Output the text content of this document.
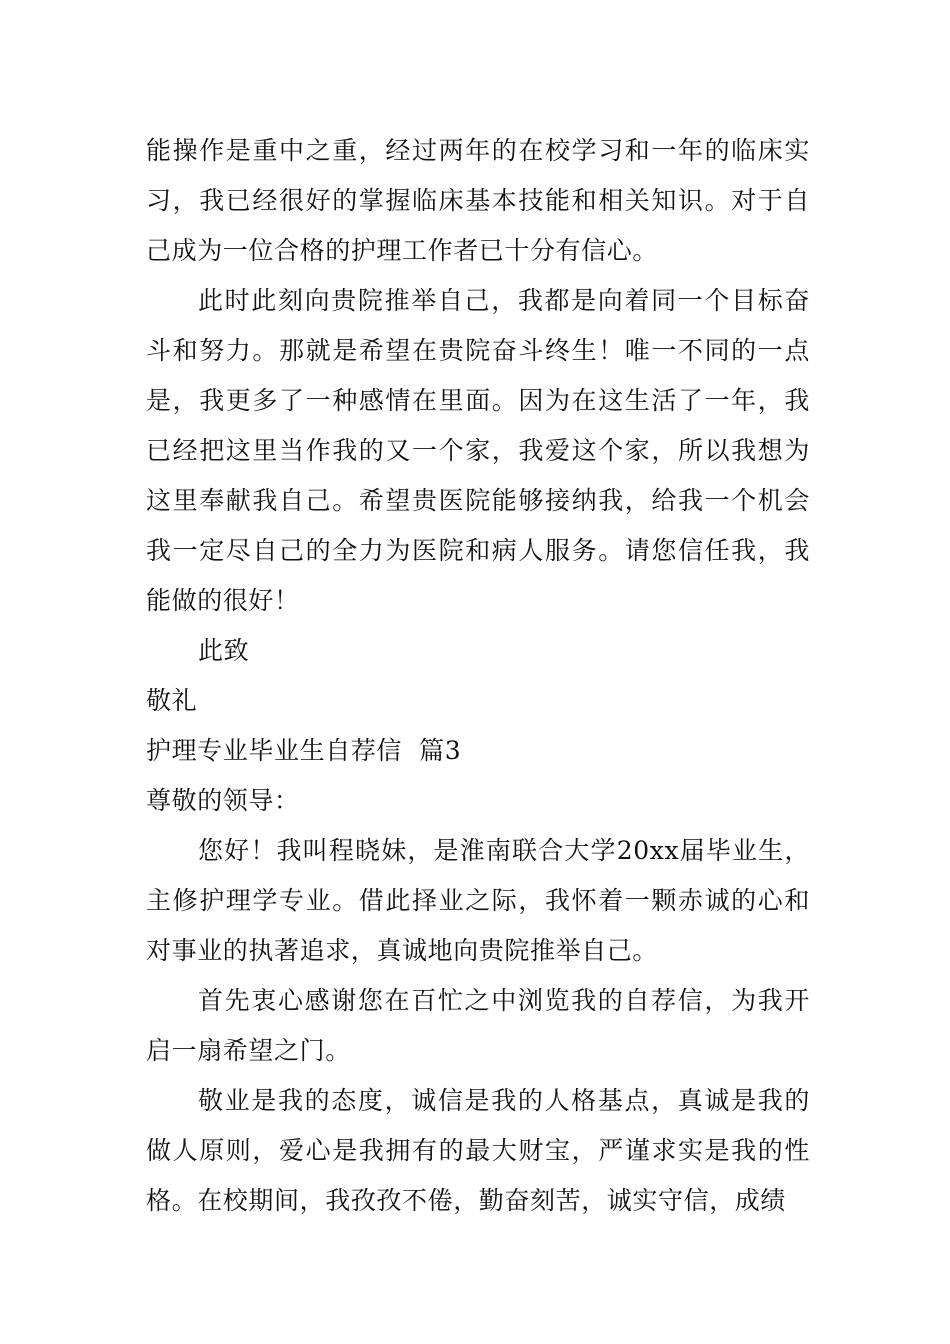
能操作是重中之重，经过两年的在校学习和一年的临床实习，我已经很好的掌握临床基本技能和相关知识。对于自己成为一位合格的护理工作者已十分有信心。

此时此刻向贵院推举自己，我都是向着同一个目标奋斗和努力。那就是希望在贵院奋斗终生！唯一不同的一点是，我更多了一种感情在里面。因为在这生活了一年，我已经把这里当作我的又一个家，我爱这个家，所以我想为这里奉献我自己。希望贵医院能够接纳我，给我一个机会我一定尽自己的全力为医院和病人服务。请您信任我，我能做的很好！

此致

敬礼

护理专业毕业生自荐信  篇3

尊敬的领导：

您好！我叫程晓妹，是淮南联合大学20xx届毕业生，主修护理学专业。借此择业之际，我怀着一颗赤诚的心和对事业的执著追求，真诚地向贵院推举自己。

首先衷心感谢您在百忙之中浏览我的自荐信，为我开启一扇希望之门。

敬业是我的态度，诚信是我的人格基点，真诚是我的做人原则，爱心是我拥有的最大财宝，严谨求实是我的性格。在校期间，我孜孜不倦，勤奋刻苦，诚实守信，成绩
